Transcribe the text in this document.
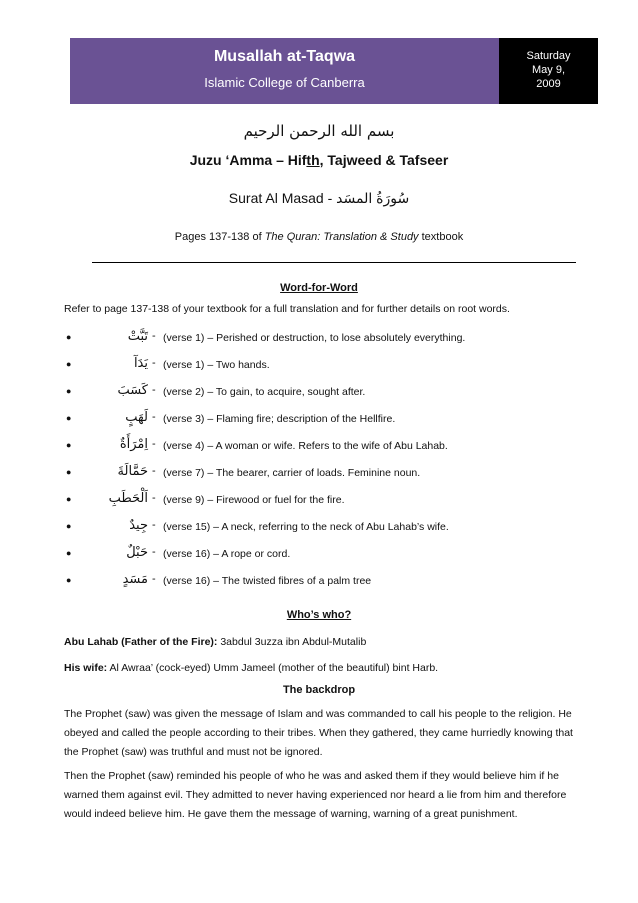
Musallah at-Taqwa
Islamic College of Canberra
Saturday
May 9,
2009
بسم الله الرحمن الرحيم
Juzu ‘Amma – Hifth, Tajweed & Tafseer
Surat Al Masad - سُورَةُ المسَد
Pages 137-138 of The Quran: Translation & Study textbook
Word-for-Word
Refer to page 137-138 of your textbook for a full translation and for further details on root words.
●	تَبَّتْ - (verse 1) – Perished or destruction, to lose absolutely everything.
●	يَدَآ - (verse 1) – Two hands.
●	كَسَبَ - (verse 2) – To gain, to acquire, sought after.
●	لَهَبٍ - (verse 3) – Flaming fire; description of the Hellfire.
●	اِمْرَأَةٌ - (verse 4) – A woman or wife. Refers to the wife of Abu Lahab.
●	حَمَّالَةَ - (verse 7) – The bearer, carrier of loads. Feminine noun.
●	اَلْحَطَبِ - (verse 9) – Firewood or fuel for the fire.
●	جِيدٌ - (verse 15) – A neck, referring to the neck of Abu Lahab’s wife.
●	حَبْلٌ - (verse 16) – A rope or cord.
●	مَسَدٍ - (verse 16) – The twisted fibres of a palm tree
Who’s who?
Abu Lahab (Father of the Fire): 3abdul 3uzza ibn Abdul-Mutalib
His wife: Al Awraa’ (cock-eyed) Umm Jameel (mother of the beautiful) bint Harb.
The backdrop
The Prophet (saw) was given the message of Islam and was commanded to call his people to the religion. He obeyed and called the people according to their tribes. When they gathered, they came hurriedly knowing that the Prophet (saw) was truthful and must not be ignored.
Then the Prophet (saw) reminded his people of who he was and asked them if they would believe him if he warned them against evil. They admitted to never having experienced nor heard a lie from him and therefore would indeed believe him. He gave them the message of warning, warning of a great punishment.
